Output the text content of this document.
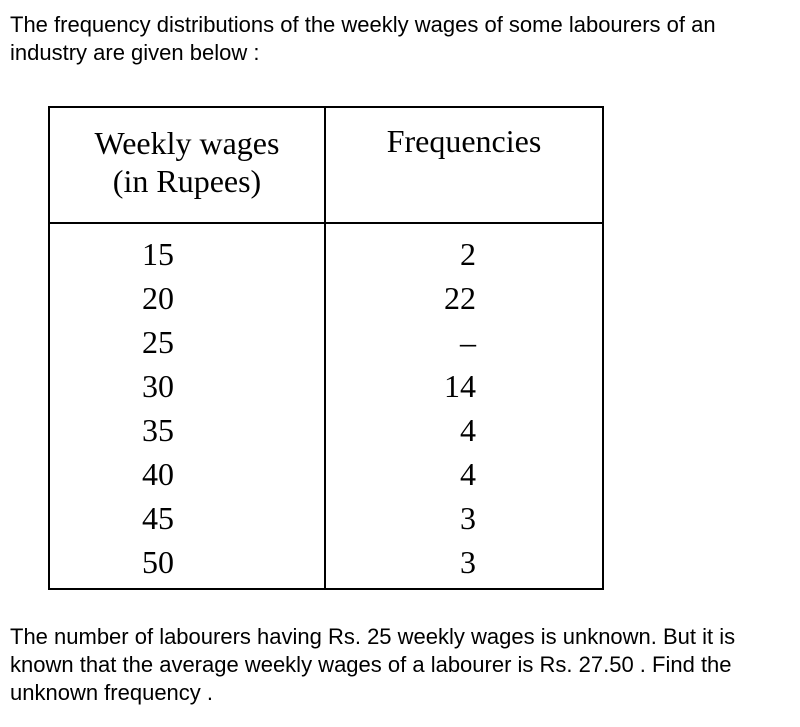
The frequency distributions of the weekly wages of some labourers of an industry are given below :

Weekly wages
(in Rupees)
Frequencies
15
20
25
30
35
40
45
50
2
22
–
14
4
4
3
3

The number of labourers having Rs. 25 weekly wages is unknown. But it is known that the average weekly wages of a labourer is Rs. 27.50 . Find the unknown frequency .
